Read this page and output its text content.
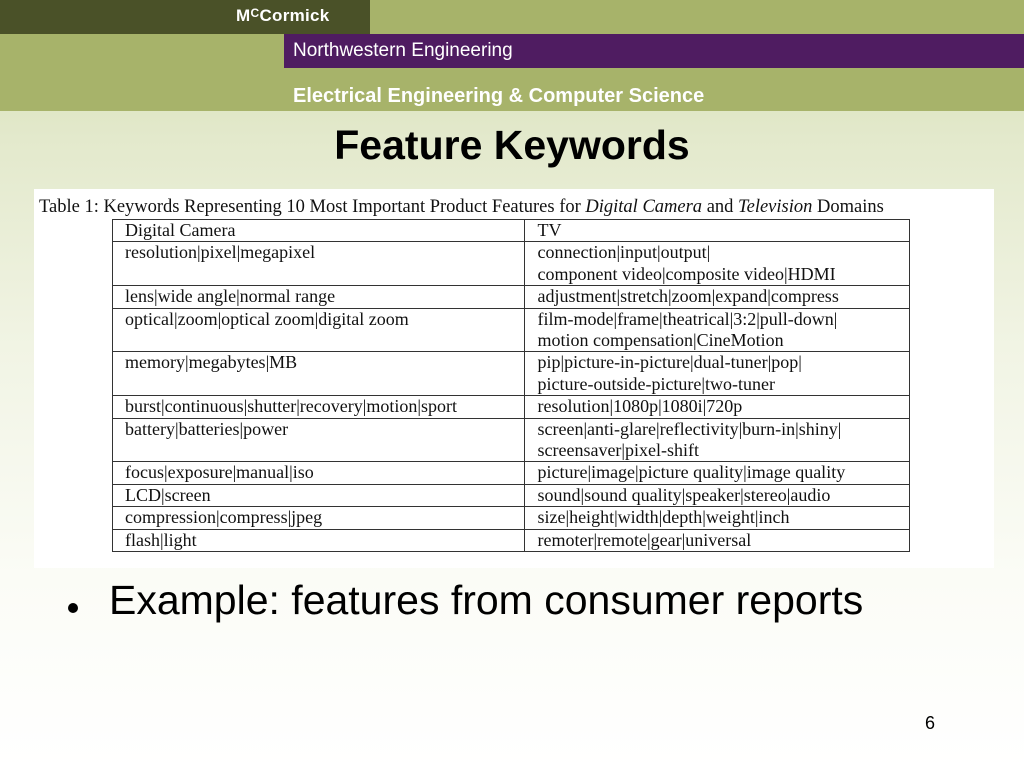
$M^CCormick$
Northwestern Engineering
Electrical Engineering & Computer Science
Feature Keywords
Table 1: Keywords Representing 10 Most Important Product Features for Digital Camera and Television Domains
Digital Camera	TV
resolution|pixel|megapixel	connection|input|output|
component video|composite video|HDMI

lens|wide angle|normal range	adjustment|stretch|zoom|expand|compress

optical|zoom|optical zoom|digital zoom	film-mode|frame|theatrical|3:2|pull-down|
motion compensation|CineMotion

memory|megabytes|MB	pip|picture-in-picture|dual-tuner|pop|
picture-outside-picture|two-tuner

burst|continuous|shutter|recovery|motion|sport	resolution|1080p|1080i|720p

battery|batteries|power	screen|anti-glare|reflectivity|burn-in|shiny|
screensaver|pixel-shift

focus|exposure|manual|iso	picture|image|picture quality|image quality

LCD|screen	sound|sound quality|speaker|stereo|audio

compression|compress|jpeg	size|height|width|depth|weight|inch

flash|light	remoter|remote|gear|universal
Example: features from consumer reports
6
